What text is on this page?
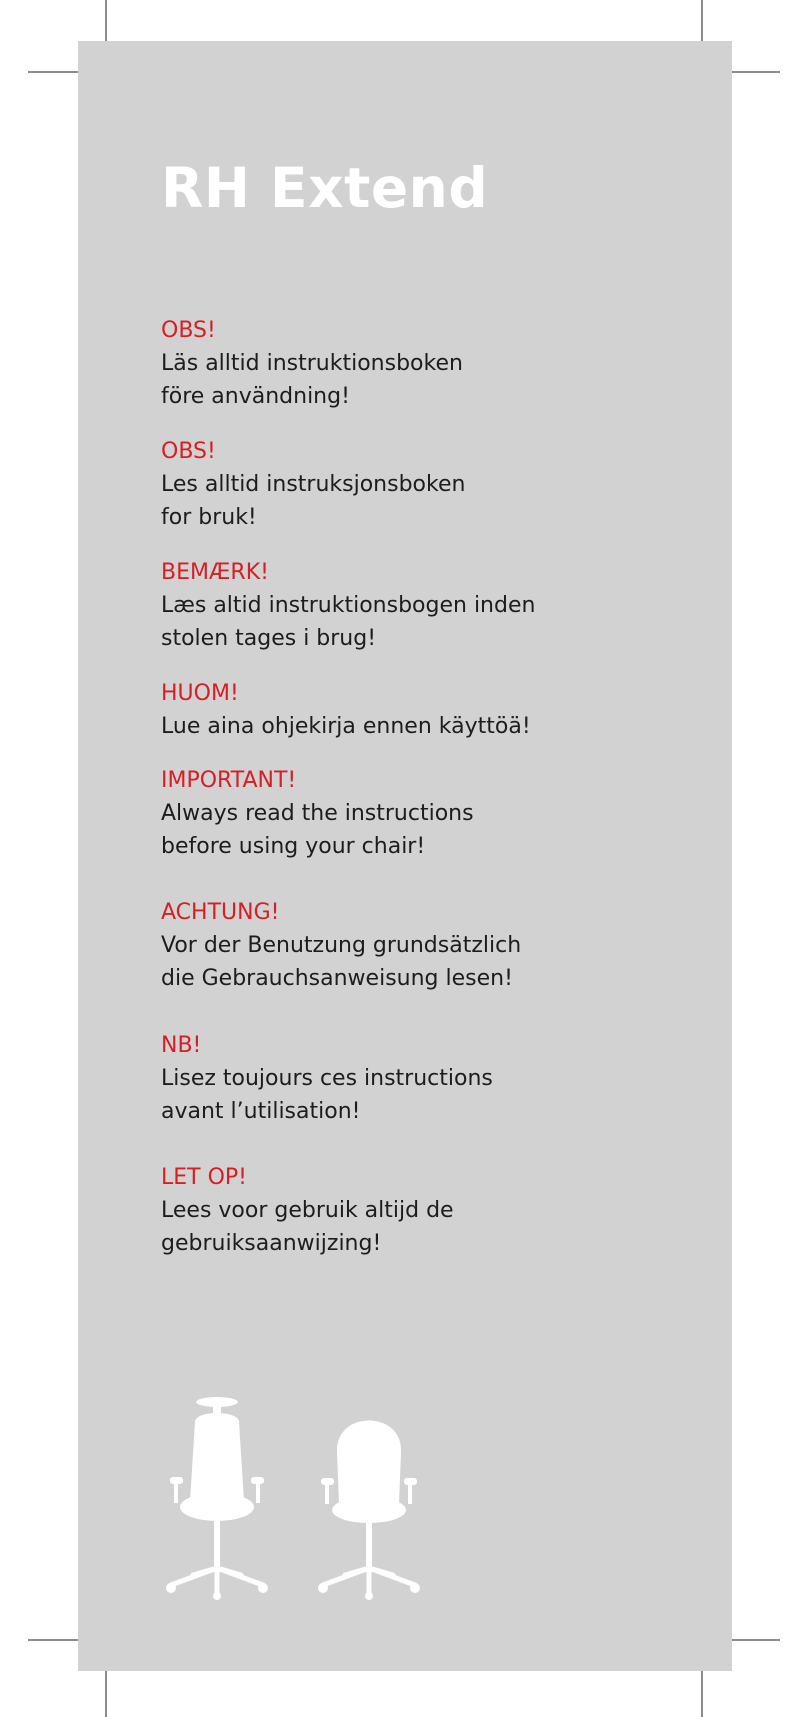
RH Extend
OBS!
Läs alltid instruktionsboken
före användning!
OBS!
Les alltid instruksjonsboken
for bruk!
BEMÆRK!
Læs altid instruktionsbogen inden
stolen tages i brug!
HUOM!
Lue aina ohjekirja ennen käyttöä!
IMPORTANT!
Always read the instructions
before using your chair!
ACHTUNG!
Vor der Benutzung grundsätzlich
die Gebrauchsanweisung lesen!
NB!
Lisez toujours ces instructions
avant l’utilisation!
LET OP!
Lees voor gebruik altijd de
gebruiksaanwijzing!
